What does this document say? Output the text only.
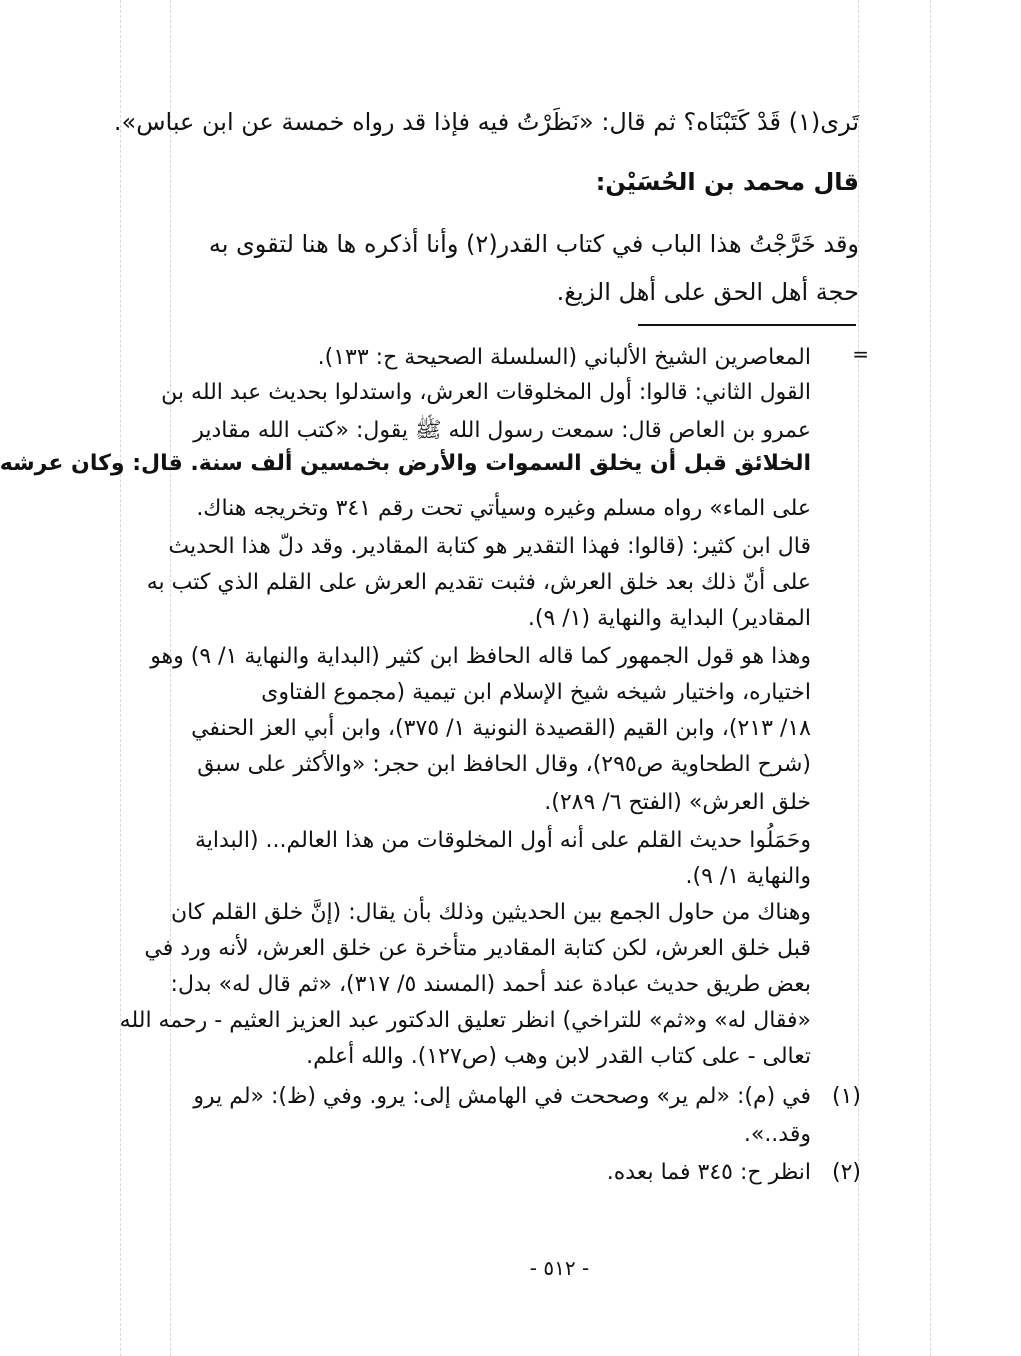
تَرى(١) قَدْ كَتَبْنَاه؟ ثم قال: «نَظَرْتُ فيه فإذا قد رواه خمسة عن ابن عباس».
قال محمد بن الحُسَيْن:
وقد خَرَّجْتُ هذا الباب في كتاب القدر(٢) وأنا أذكره ها هنا لتقوى به
حجة أهل الحق على أهل الزيغ.
=
المعاصرين الشيخ الألباني (السلسلة الصحيحة ح: ١٣٣).
القول الثاني: قالوا: أول المخلوقات العرش، واستدلوا بحديث عبد الله بن
عمرو بن العاص قال: سمعت رسول الله ﷺ يقول: «كتب الله مقادير
الخلائق قبل أن يخلق السموات والأرض بخمسين ألف سنة. قال: وكان عرشه
على الماء» رواه مسلم وغيره وسيأتي تحت رقم ٣٤١ وتخريجه هناك.
قال ابن كثير: (قالوا: فهذا التقدير هو كتابة المقادير. وقد دلّ هذا الحديث
على أنّ ذلك بعد خلق العرش، فثبت تقديم العرش على القلم الذي كتب به
المقادير) البداية والنهاية (١/ ٩).
وهذا هو قول الجمهور كما قاله الحافظ ابن كثير (البداية والنهاية ١/ ٩) وهو
اختياره، واختيار شيخه شيخ الإسلام ابن تيمية (مجموع الفتاوى
١٨/ ٢١٣)، وابن القيم (القصيدة النونية ١/ ٣٧٥)، وابن أبي العز الحنفي
(شرح الطحاوية ص٢٩٥)، وقال الحافظ ابن حجر: «والأكثر على سبق
خلق العرش» (الفتح ٦/ ٢٨٩).
وحَمَلُوا حديث القلم على أنه أول المخلوقات من هذا العالم... (البداية
والنهاية ١/ ٩).
وهناك من حاول الجمع بين الحديثين وذلك بأن يقال: (إنَّ خلق القلم كان
قبل خلق العرش، لكن كتابة المقادير متأخرة عن خلق العرش، لأنه ورد في
بعض طريق حديث عبادة عند أحمد (المسند ٥/ ٣١٧)، «ثم قال له» بدل:
«فقال له» و«ثم» للتراخي) انظر تعليق الدكتور عبد العزيز العثيم - رحمه الله
تعالى - على كتاب القدر لابن وهب (ص١٢٧). والله أعلم.
(١)
في (م): «لم ير» وصححت في الهامش إلى: يرو. وفي (ظ): «لم يرو
وقد..».
(٢)
انظر ح: ٣٤٥ فما بعده.
- ٥١٢ -
